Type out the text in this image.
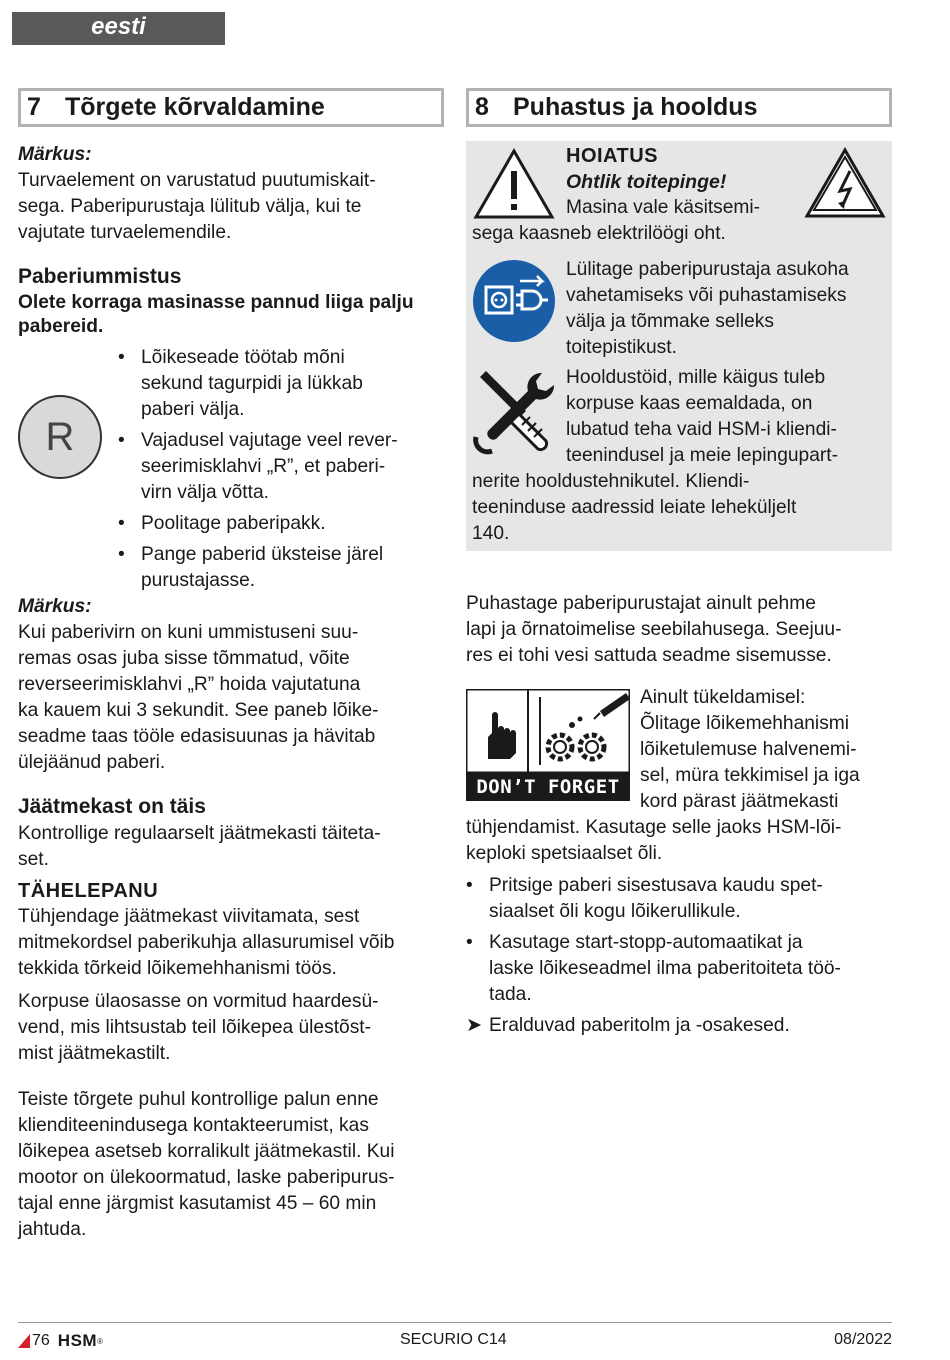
eesti
7 Tõrgete kõrvaldamine
Märkus:

Turvaelement on varustatud puutumiskait-

sega. Paberipurustaja lülitub välja, kui te

vajutate turvaelemendile.

Paberiummistus

Olete korraga masinasse pannud liiga palju

pabereid.

R
• Lõikeseade töötab mõni
sekund tagurpidi ja lükkab
paberi välja.
• Vajadusel vajutage veel rever-
seerimisklahvi „R”, et paberi-
virn välja võtta.
• Poolitage paberipakk.
• Pange paberid üksteise järel
purustajasse.
Märkus:

Kui paberivirn on kuni ummistuseni suu-

remas osas juba sisse tõmmatud, võite

reverseerimisklahvi „R” hoida vajutatuna

ka kauem kui 3 sekundit. See paneb lõike-

seadme taas tööle edasisuunas ja hävitab

ülejäänud paberi.

Jäätmekast on täis

Kontrollige regulaarselt jäätmekasti täiteta-

set.

TÄHELEPANU

Tühjendage jäätmekast viivitamata, sest

mitmekordsel paberikuhja allasurumisel võib

tekkida tõrkeid lõikemehhanismi töös.

Korpuse ülaosasse on vormitud haardesü-

vend, mis lihtsustab teil lõikepea ülestõst-

mist jäätmekastilt.

Teiste tõrgete puhul kontrollige palun enne

klienditeenindusega kontakteerumist, kas

lõikepea asetseb korralikult jäätmekastil. Kui

mootor on ülekoormatud, laske paberipurus-

tajal enne järgmist kasutamist 45 – 60 min

jahtuda.

8 Puhastus ja hooldus
HOIATUS
Ohtlik toitepinge!

Masina vale käsitsemi-

sega kaasneb elektrilöögi oht.

Lülitage paberipurustaja asukoha

vahetamiseks või puhastamiseks

välja ja tõmmake selleks

toitepistikust.

Hooldustöid, mille käigus tuleb

korpuse kaas eemaldada, on

lubatud teha vaid HSM-i kliendi-

teenindusel ja meie lepingupart-

nerite hooldustehnikutel. Kliendi-

teeninduse aadressid leiate leheküljelt

140.

Puhastage paberipurustajat ainult pehme

lapi ja õrnatoimelise seebilahusega. Seejuu-

res ei tohi vesi sattuda seadme sisemusse.

DON’T FORGET

Ainult tükeldamisel:

Õlitage lõikemehhanismi

lõiketulemuse halvenemi-

sel, müra tekkimisel ja iga

kord pärast jäätmekasti

tühjendamist. Kasutage selle jaoks HSM-lõi-

keploki spetsiaalset õli.

• Pritsige paberi sisestusava kaudu spet-
siaalset õli kogu lõikerullikule.
• Kasutage start-stopp-automaatikat ja
laske lõikeseadmel ilma paberitoiteta töö-
tada.

➤ Eralduvad paberitolm ja -osakesed.

76 HSM ®	SECURIO C14	08/2022
